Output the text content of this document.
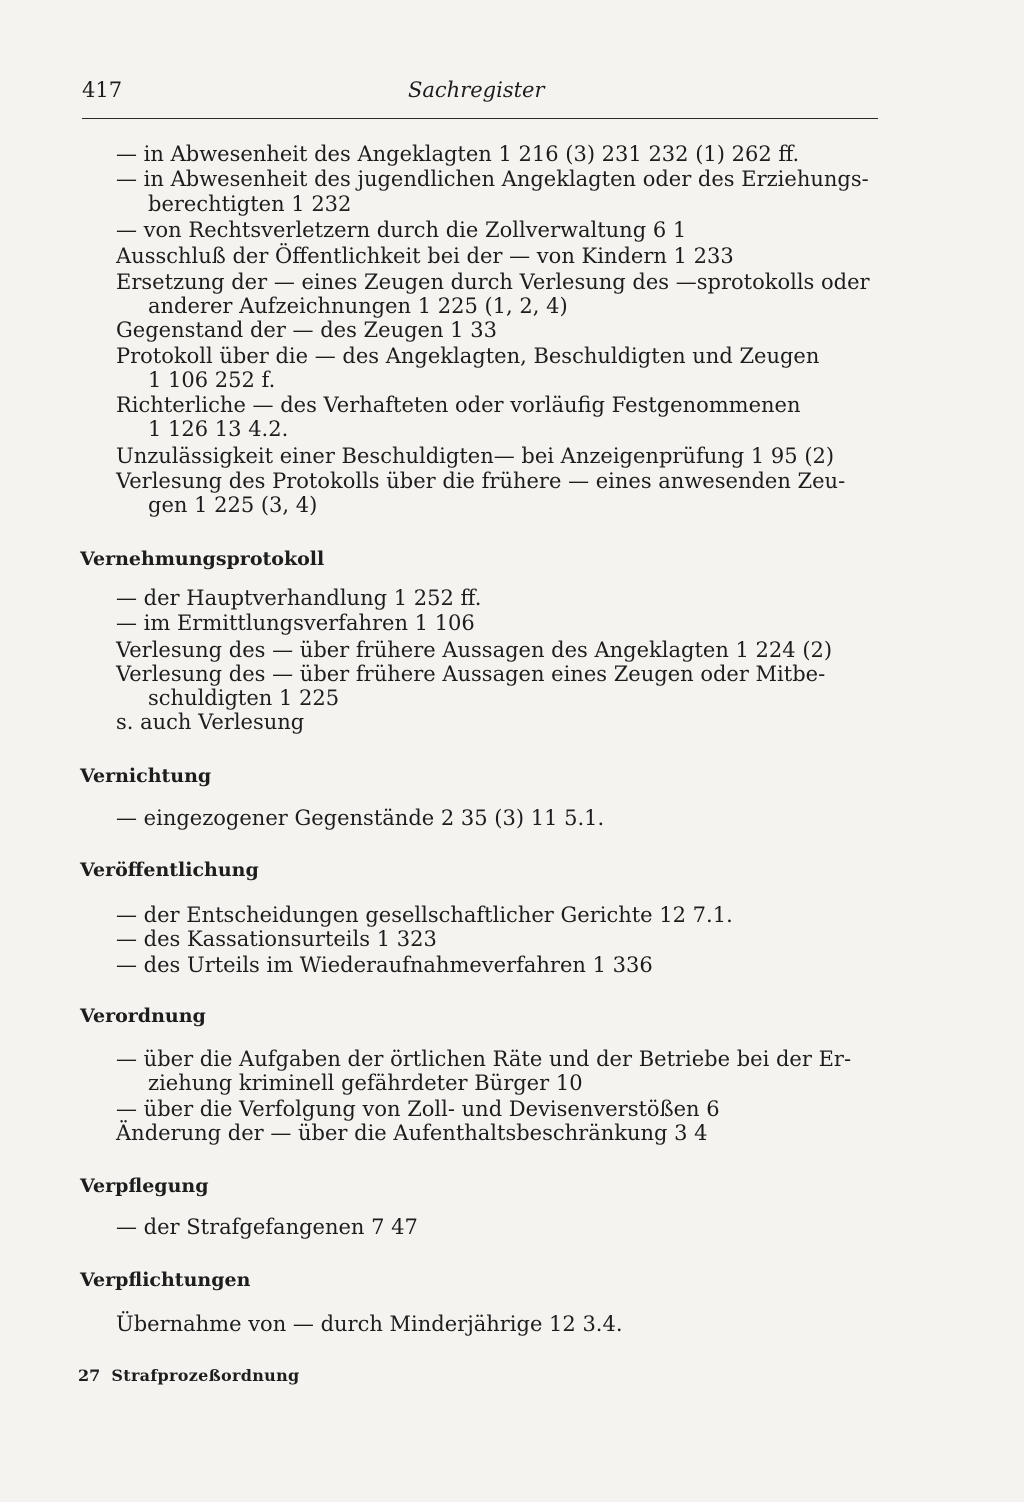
417	Sachregister
— in Abwesenheit des Angeklagten 1 216 (3) 231 232 (1) 262 ff.
— in Abwesenheit des jugendlichen Angeklagten oder des Erziehungs-
berechtigten 1 232
— von Rechtsverletzern durch die Zollverwaltung 6 1
Ausschluß der Öffentlichkeit bei der — von Kindern 1 233
Ersetzung der — eines Zeugen durch Verlesung des —sprotokolls oder
anderer Aufzeichnungen 1 225 (1, 2, 4)
Gegenstand der — des Zeugen 1 33
Protokoll über die — des Angeklagten, Beschuldigten und Zeugen
1 106 252 f.
Richterliche — des Verhafteten oder vorläufig Festgenommenen
1 126 13 4.2.
Unzulässigkeit einer Beschuldigten— bei Anzeigenprüfung 1 95 (2)
Verlesung des Protokolls über die frühere — eines anwesenden Zeu-
gen 1 225 (3, 4)
Vernehmungsprotokoll
— der Hauptverhandlung 1 252 ff.
— im Ermittlungsverfahren 1 106
Verlesung des — über frühere Aussagen des Angeklagten 1 224 (2)
Verlesung des — über frühere Aussagen eines Zeugen oder Mitbe-
schuldigten 1 225
s. auch Verlesung
Vernichtung
— eingezogener Gegenstände 2 35 (3) 11 5.1.
Veröffentlichung
— der Entscheidungen gesellschaftlicher Gerichte 12 7.1.
— des Kassationsurteils 1 323
— des Urteils im Wiederaufnahmeverfahren 1 336
Verordnung
— über die Aufgaben der örtlichen Räte und der Betriebe bei der Er-
ziehung kriminell gefährdeter Bürger 10
— über die Verfolgung von Zoll- und Devisenverstößen 6
Änderung der — über die Aufenthaltsbeschränkung 3 4
Verpflegung
— der Strafgefangenen 7 47
Verpflichtungen
Übernahme von — durch Minderjährige 12 3.4.
27 Strafprozeßordnung
